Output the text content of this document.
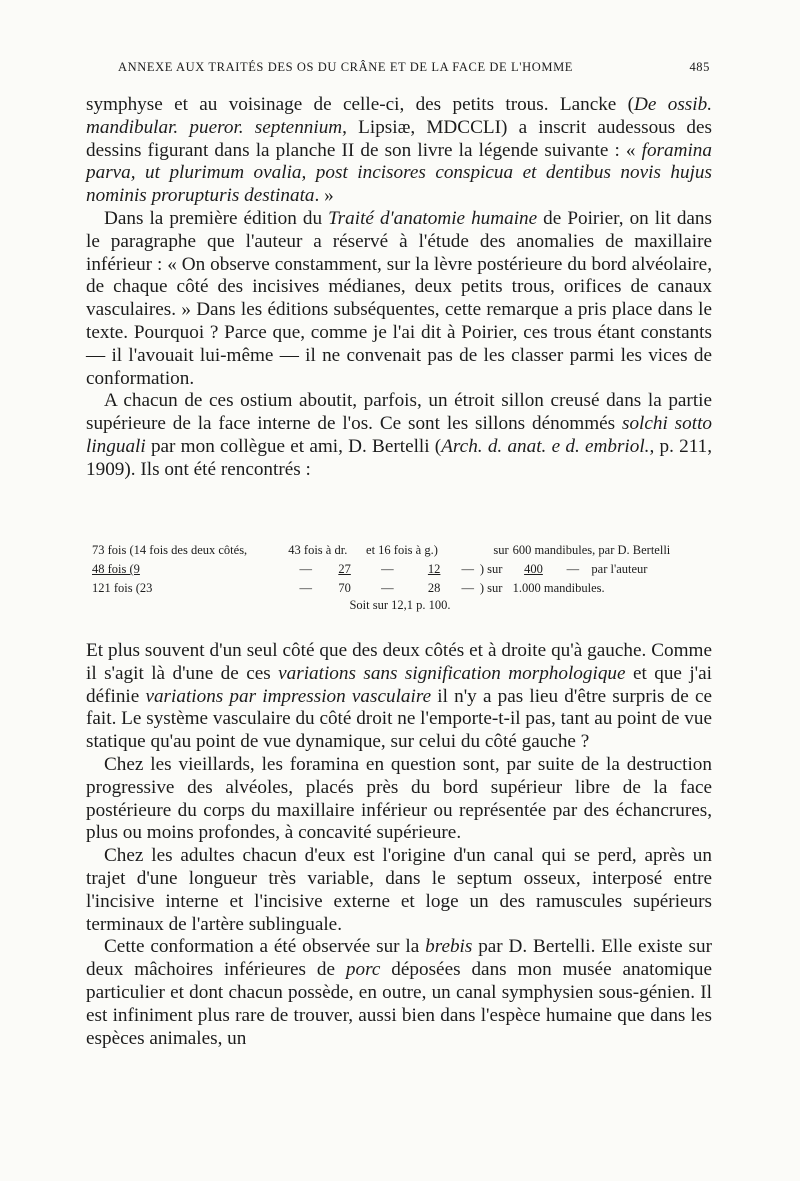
ANNEXE AUX TRAITÉS DES OS DU CRÂNE ET DE LA FACE DE L'HOMME	485

symphyse et au voisinage de celle-ci, des petits trous. Lancke (De ossib. mandibular. pueror. septennium, Lipsiæ, MDCCLI) a inscrit audessous des dessins figurant dans la planche II de son livre la légende suivante : « foramina parva, ut plurimum ovalia, post incisores conspicua et dentibus novis hujus nominis prorupturis destinata. »

Dans la première édition du Traité d'anatomie humaine de Poirier, on lit dans le paragraphe que l'auteur a réservé à l'étude des anomalies de maxillaire inférieur : « On observe constamment, sur la lèvre postérieure du bord alvéolaire, de chaque côté des incisives médianes, deux petits trous, orifices de canaux vasculaires. » Dans les éditions subséquentes, cette remarque a pris place dans le texte. Pourquoi ? Parce que, comme je l'ai dit à Poirier, ces trous étant constants — il l'avouait lui-même — il ne convenait pas de les classer parmi les vices de conformation.

A chacun de ces ostium aboutit, parfois, un étroit sillon creusé dans la partie supérieure de la face interne de l'os. Ce sont les sillons dénommés solchi sotto linguali par mon collègue et ami, D. Bertelli (Arch. d. anat. e d. embriol., p. 211, 1909). Ils ont été rencontrés :

73 fois (14 fois des deux côtés,	43 fois à dr.		et 16 fois à g.)		sur		600 mandibules, par D. Bertelli		
48 fois (9	—	27	—	12	—	) sur	400	—	par l'auteur
121 fois (23	—	70	—	28	—	) sur	1.000 mandibules.		
Soit sur 12,1 p. 100.

Et plus souvent d'un seul côté que des deux côtés et à droite qu'à gauche. Comme il s'agit là d'une de ces variations sans signification morphologique et que j'ai définie variations par impression vasculaire il n'y a pas lieu d'être surpris de ce fait. Le système vasculaire du côté droit ne l'emporte-t-il pas, tant au point de vue statique qu'au point de vue dynamique, sur celui du côté gauche ?

Chez les vieillards, les foramina en question sont, par suite de la destruction progressive des alvéoles, placés près du bord supérieur libre de la face postérieure du corps du maxillaire inférieur ou représentée par des échancrures, plus ou moins profondes, à concavité supérieure.

Chez les adultes chacun d'eux est l'origine d'un canal qui se perd, après un trajet d'une longueur très variable, dans le septum osseux, interposé entre l'incisive interne et l'incisive externe et loge un des ramuscules supérieurs terminaux de l'artère sublinguale.

Cette conformation a été observée sur la brebis par D. Bertelli. Elle existe sur deux mâchoires inférieures de porc déposées dans mon musée anatomique particulier et dont chacun possède, en outre, un canal symphysien sous-génien. Il est infiniment plus rare de trouver, aussi bien dans l'espèce humaine que dans les espèces animales, un
